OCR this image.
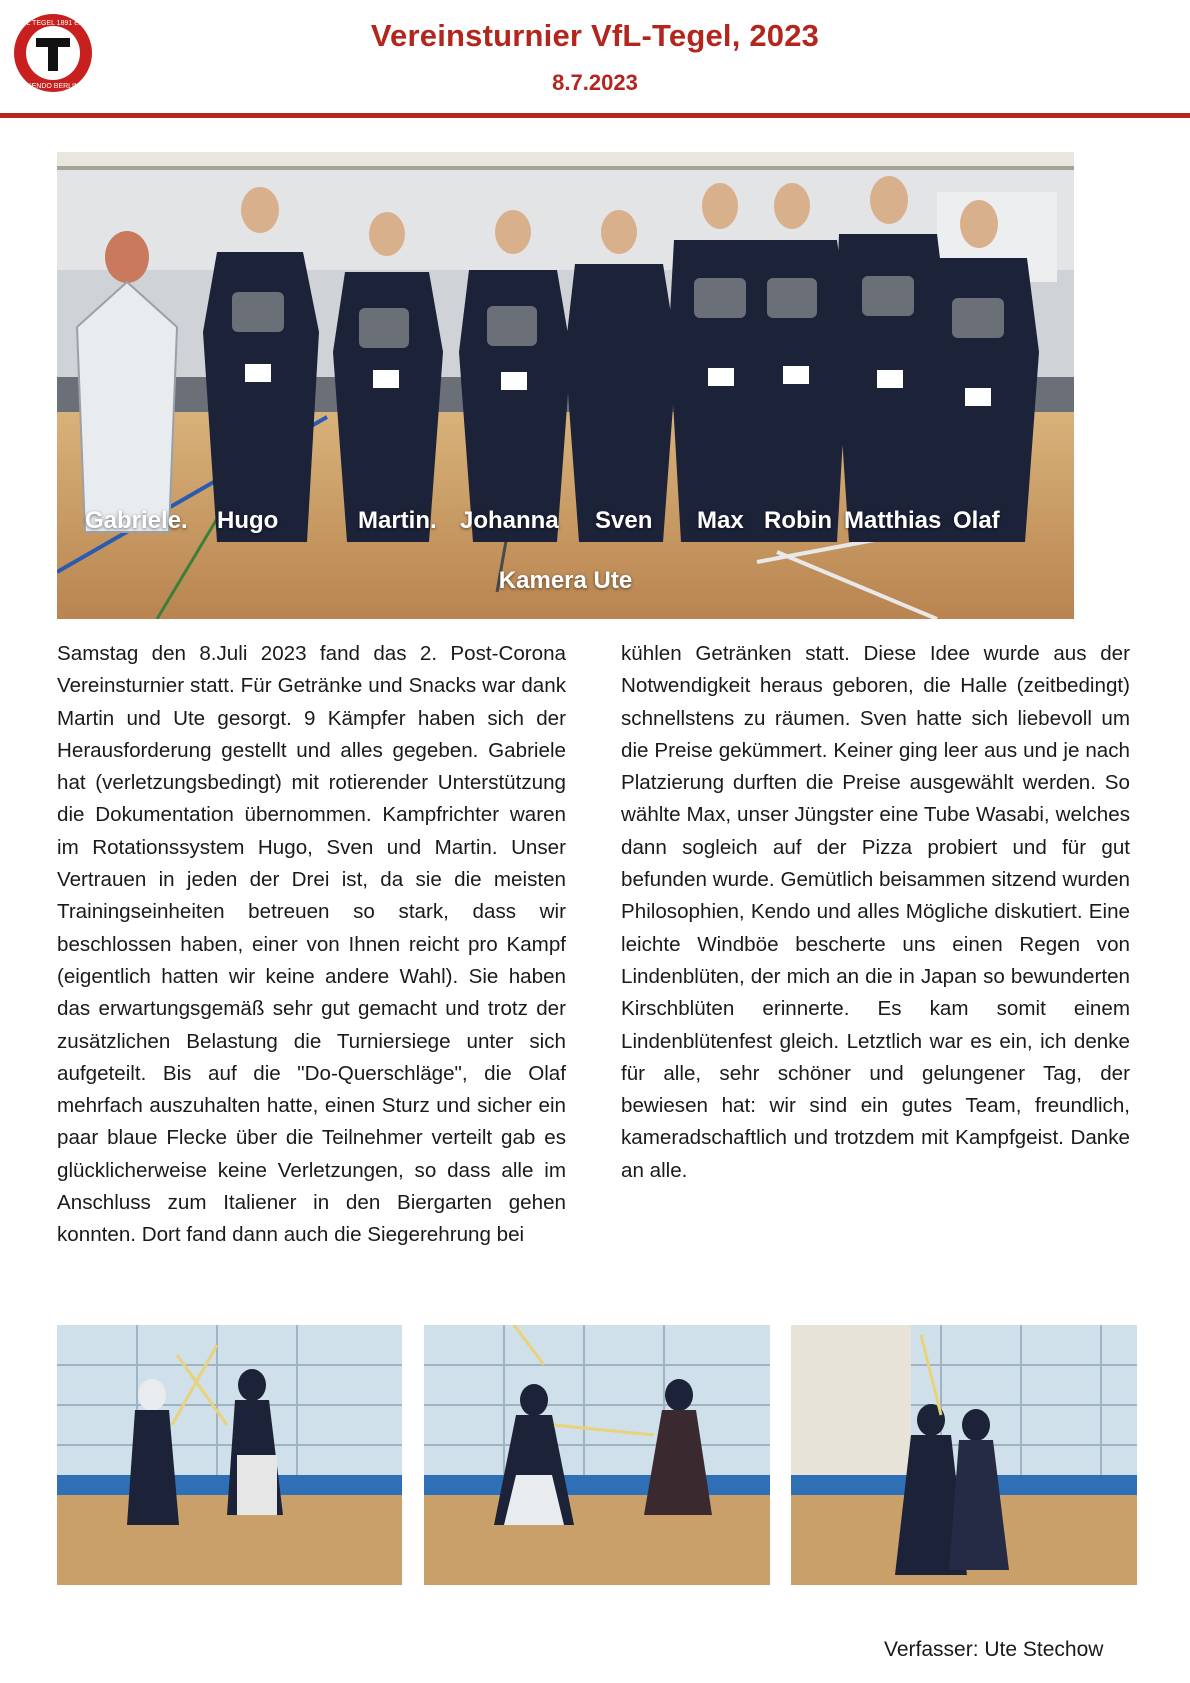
VfL TEGEL 1891 e.V.
KENDO BERLIN
Vereinsturnier VfL-Tegel, 2023
8.7.2023
Gabriele. Hugo	Martin. Johanna Sven Max Robin Matthias Olaf
Kamera Ute
Samstag den 8.Juli 2023 fand das 2. Post-Corona Vereinsturnier statt. Für Getränke und Snacks war dank Martin und Ute gesorgt. 9 Kämpfer haben sich der Herausforderung gestellt und alles gegeben. Gabriele hat (verletzungsbedingt) mit rotierender Unterstützung die Dokumentation übernommen. Kampfrichter waren im Rotationssystem Hugo, Sven und Martin. Unser Vertrauen in jeden der Drei ist, da sie die meisten Trainingseinheiten betreuen so stark, dass wir beschlossen haben, einer von Ihnen reicht pro Kampf (eigentlich hatten wir keine andere Wahl). Sie haben das erwartungsgemäß sehr gut gemacht und trotz der zusätzlichen Belastung die Turniersiege unter sich aufgeteilt. Bis auf die "Do-Querschläge", die Olaf mehrfach auszuhalten hatte, einen Sturz und sicher ein paar blaue Flecke über die Teilnehmer verteilt gab es glücklicherweise keine Verletzungen, so dass alle im Anschluss zum Italiener in den Biergarten gehen konnten. Dort fand dann auch die Siegerehrung bei
kühlen Getränken statt. Diese Idee wurde aus der Notwendigkeit heraus geboren, die Halle (zeitbedingt) schnellstens zu räumen. Sven hatte sich liebevoll um die Preise gekümmert. Keiner ging leer aus und je nach Platzierung durften die Preise ausgewählt werden. So wählte Max, unser Jüngster eine Tube Wasabi, welches dann sogleich auf der Pizza probiert und für gut befunden wurde. Gemütlich beisammen sitzend wurden Philosophien, Kendo und alles Mögliche diskutiert. Eine leichte Windböe bescherte uns einen Regen von Lindenblüten, der mich an die in Japan so bewunderten Kirschblüten erinnerte. Es kam somit einem Lindenblütenfest gleich. Letztlich war es ein, ich denke für alle, sehr schöner und gelungener Tag, der bewiesen hat: wir sind ein gutes Team, freundlich, kameradschaftlich und trotzdem mit Kampfgeist. Danke an alle.
Verfasser: Ute Stechow
